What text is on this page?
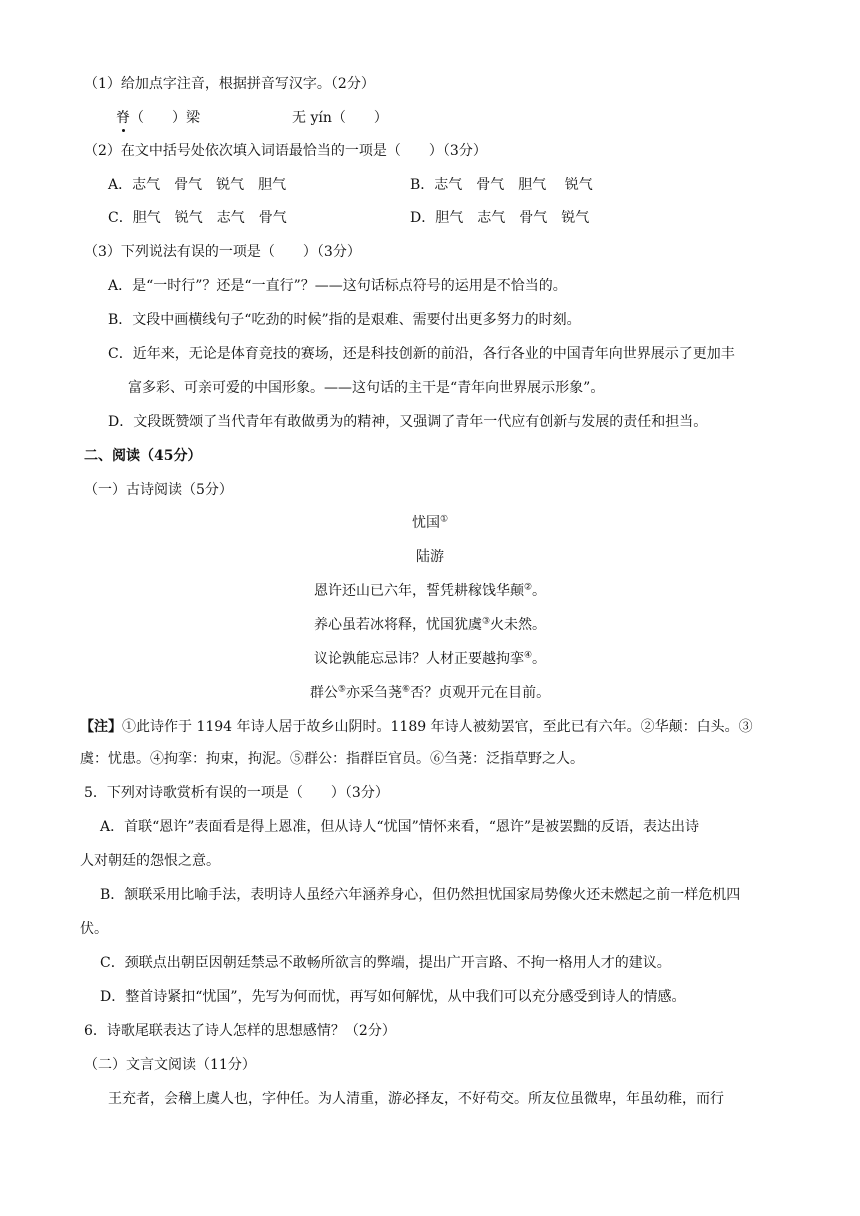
（1）给加点字注音，根据拼音写汉字。（2分）
脊（ ）梁	无 yín（ ）
（2）在文中括号处依次填入词语最恰当的一项是（　　）（3分）
A．志气　骨气　锐气　胆气	B．志气　骨气　胆气　 锐气
C．胆气　锐气　志气　骨气	D．胆气　志气　骨气　锐气
（3）下列说法有误的一项是（　　）（3分）
A．是“一时行”？还是“一直行”？——这句话标点符号的运用是不恰当的。
B．文段中画横线句子“吃劲的时候”指的是艰难、需要付出更多努力的时刻。
C．近年来，无论是体育竞技的赛场，还是科技创新的前沿，各行各业的中国青年向世界展示了更加丰
富多彩、可亲可爱的中国形象。——这句话的主干是“青年向世界展示形象”。
D．文段既赞颂了当代青年有敢做勇为的精神，又强调了青年一代应有创新与发展的责任和担当。
二、阅读（45分）
（一）古诗阅读（5分）
忧国①
陆游
恩许还山已六年，誓凭耕稼饯华颠②。
养心虽若冰将释，忧国犹虞③火未然。
议论孰能忘忌讳？人材正要越拘挛④。
群公⑤亦采刍荛⑥否？贞观开元在目前。
【注】①此诗作于 1194 年诗人居于故乡山阴时。1189 年诗人被劾罢官，至此已有六年。②华颠：白头。③
虞：忧患。④拘挛：拘束，拘泥。⑤群公：指群臣官员。⑥刍荛：泛指草野之人。
5．下列对诗歌赏析有误的一项是（　　）（3分）
A．首联“恩许”表面看是得上恩准，但从诗人“忧国”情怀来看，“恩许”是被罢黜的反语，表达出诗
人对朝廷的怨恨之意。
B．颔联采用比喻手法，表明诗人虽经六年涵养身心，但仍然担忧国家局势像火还未燃起之前一样危机四
伏。
C．颈联点出朝臣因朝廷禁忌不敢畅所欲言的弊端，提出广开言路、不拘一格用人才的建议。
D．整首诗紧扣“忧国”，先写为何而忧，再写如何解忧，从中我们可以充分感受到诗人的情感。
6．诗歌尾联表达了诗人怎样的思想感情？（2分）
（二）文言文阅读（11分）
王充者，会稽上虞人也，字仲任。为人清重，游必择友，不好苟交。所友位虽微卑，年虽幼稚，而行
